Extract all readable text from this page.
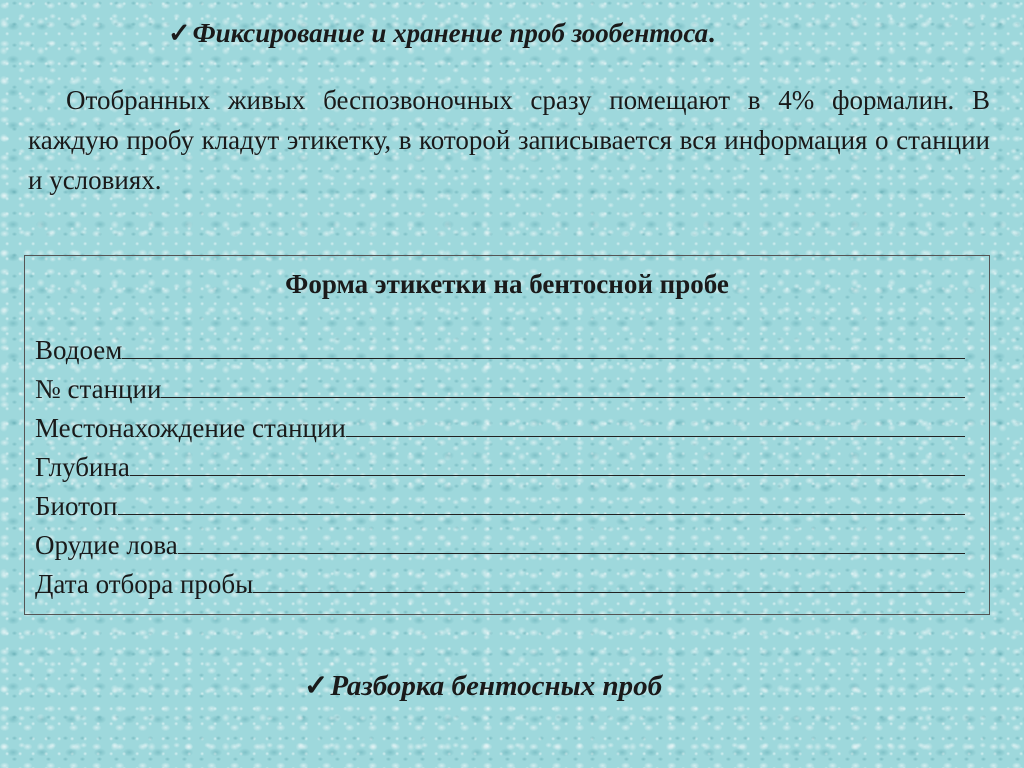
✓Фиксирование и хранение проб зообентоса.
Отобранных живых беспозвоночных сразу помещают в 4% формалин. В каждую пробу кладут этикетку, в которой записывается вся информация о станции и условиях.
Форма этикетки на бентосной пробе
Водоем
№ станции
Местонахождение станции
Глубина
Биотоп
Орудие лова
Дата отбора пробы
✓Разборка бентосных проб
